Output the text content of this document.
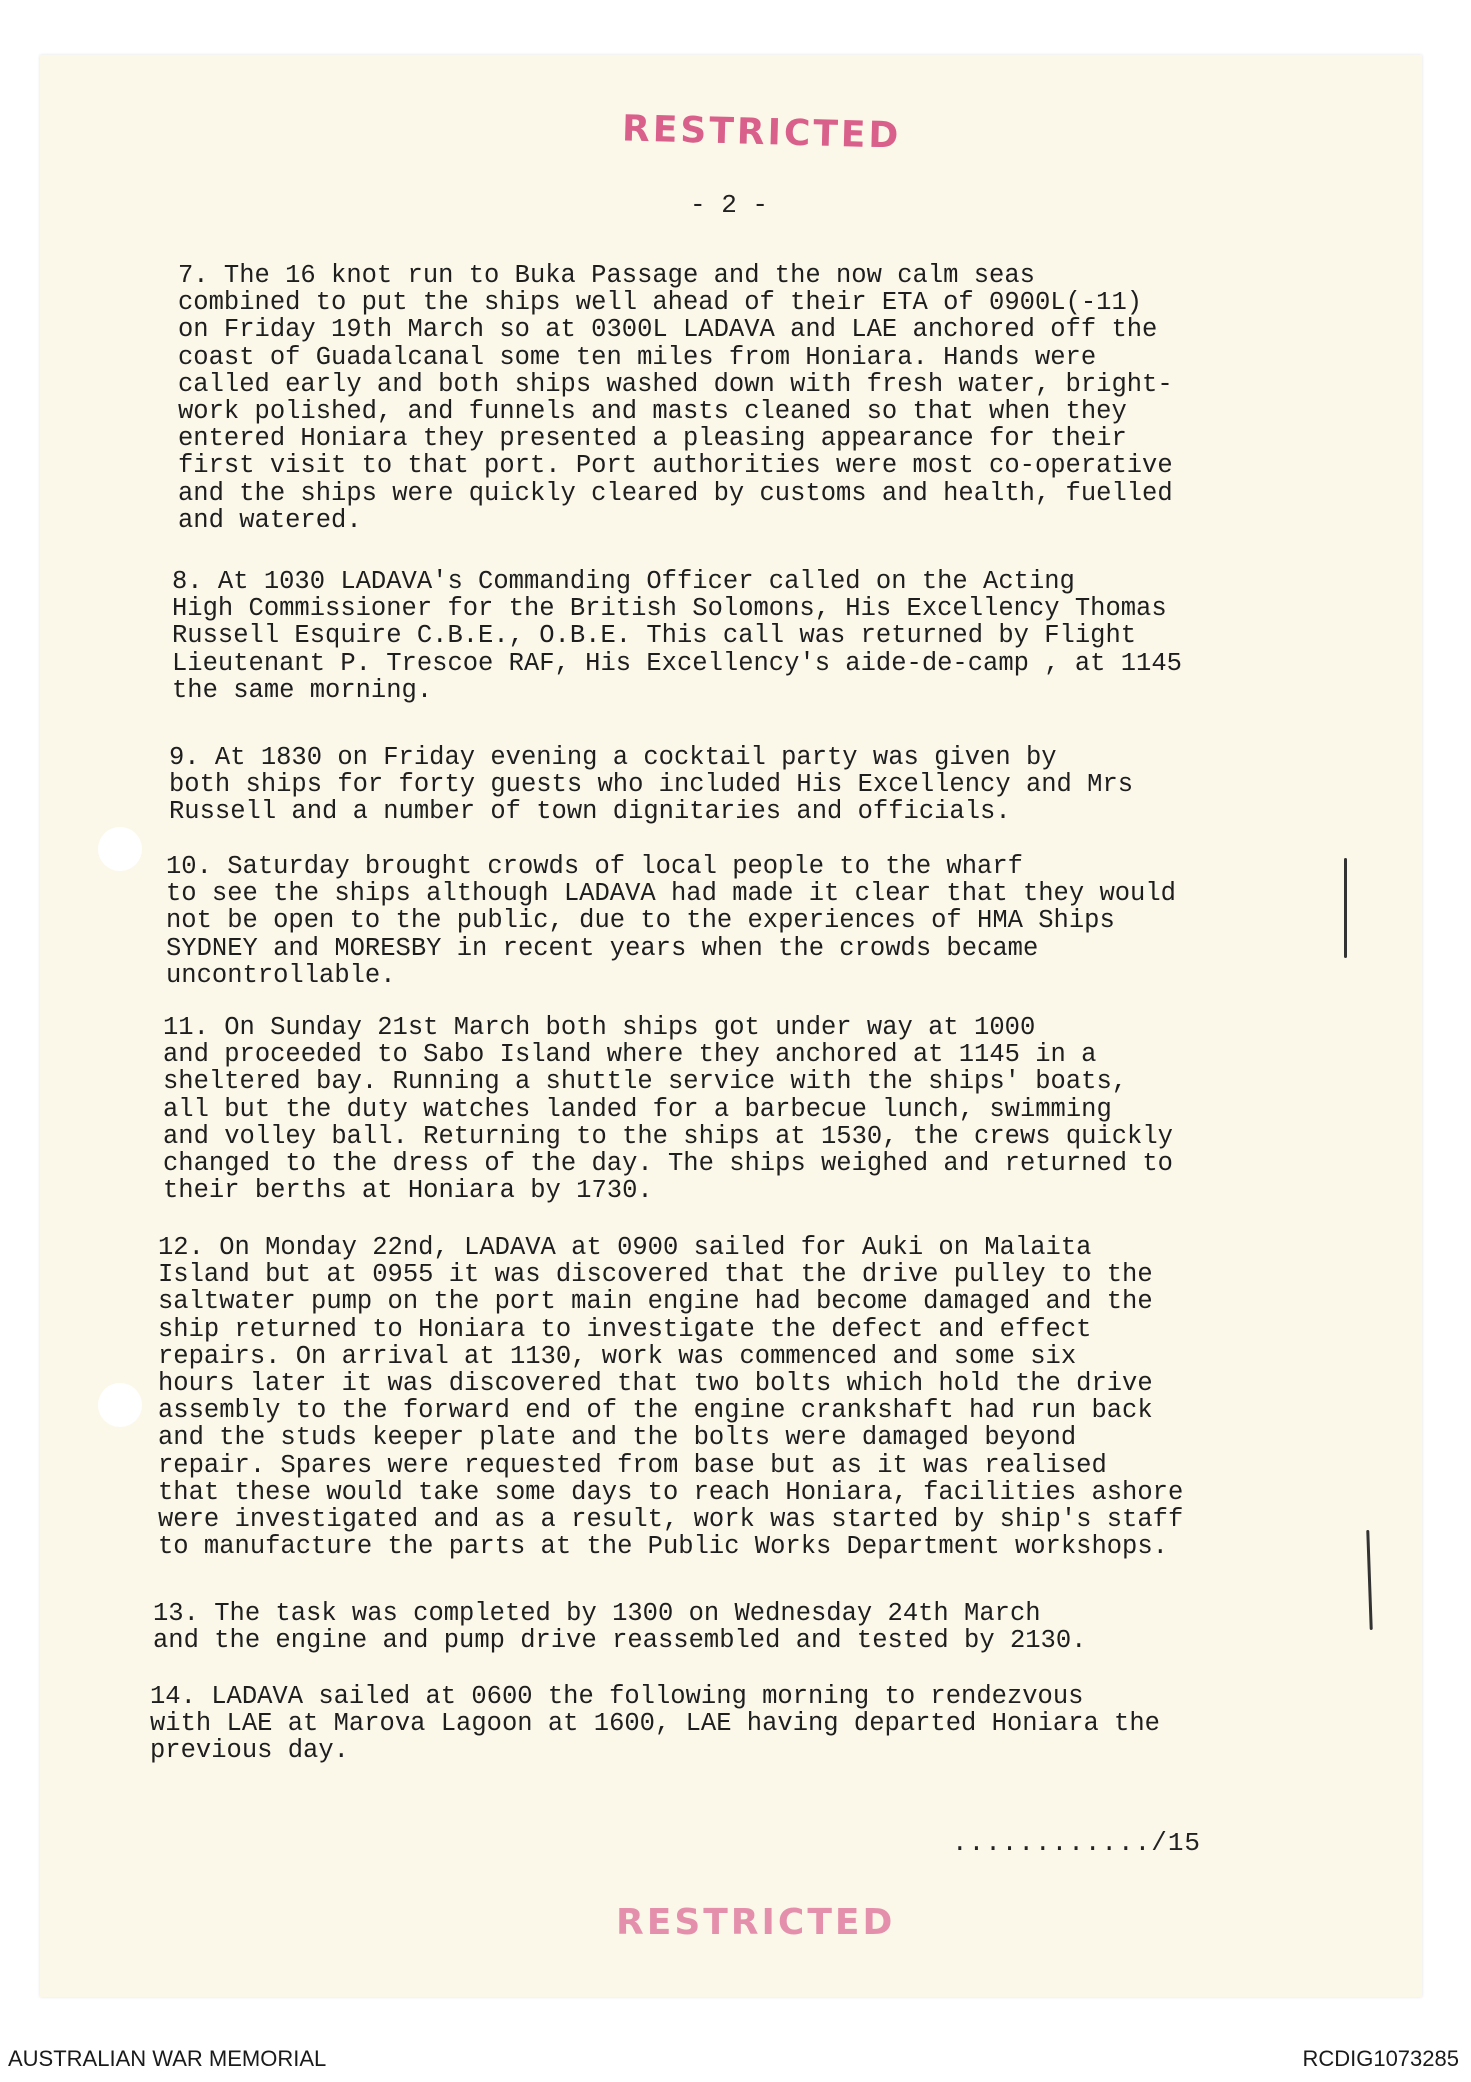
RESTRICTED
- 2 -

7. The 16 knot run to Buka Passage and the now calm seas
combined to put the ships well ahead of their ETA of 0900L(-11)
on Friday 19th March so at 0300L LADAVA and LAE anchored off the
coast of Guadalcanal some ten miles from Honiara. Hands were
called early and both ships washed down with fresh water, bright-
work polished, and funnels and masts cleaned so that when they
entered Honiara they presented a pleasing appearance for their
first visit to that port. Port authorities were most co-operative
and the ships were quickly cleared by customs and health, fuelled
and watered.

8. At 1030 LADAVA's Commanding Officer called on the Acting
High Commissioner for the British Solomons, His Excellency Thomas
Russell Esquire C.B.E., O.B.E. This call was returned by Flight
Lieutenant P. Trescoe RAF, His Excellency's aide-de-camp , at 1145
the same morning.

9. At 1830 on Friday evening a cocktail party was given by
both ships for forty guests who included His Excellency and Mrs
Russell and a number of town dignitaries and officials.

10. Saturday brought crowds of local people to the wharf
to see the ships although LADAVA had made it clear that they would
not be open to the public, due to the experiences of HMA Ships
SYDNEY and MORESBY in recent years when the crowds became
uncontrollable.

11. On Sunday 21st March both ships got under way at 1000
and proceeded to Sabo Island where they anchored at 1145 in a
sheltered bay. Running a shuttle service with the ships' boats,
all but the duty watches landed for a barbecue lunch, swimming
and volley ball. Returning to the ships at 1530, the crews quickly
changed to the dress of the day. The ships weighed and returned to
their berths at Honiara by 1730.

12. On Monday 22nd, LADAVA at 0900 sailed for Auki on Malaita
Island but at 0955 it was discovered that the drive pulley to the
saltwater pump on the port main engine had become damaged and the
ship returned to Honiara to investigate the defect and effect
repairs. On arrival at 1130, work was commenced and some six
hours later it was discovered that two bolts which hold the drive
assembly to the forward end of the engine crankshaft had run back
and the studs keeper plate and the bolts were damaged beyond
repair. Spares were requested from base but as it was realised
that these would take some days to reach Honiara, facilities ashore
were investigated and as a result, work was started by ship's staff
to manufacture the parts at the Public Works Department workshops.

13. The task was completed by 1300 on Wednesday 24th March
and the engine and pump drive reassembled and tested by 2130.

14. LADAVA sailed at 0600 the following morning to rendezvous
with LAE at Marova Lagoon at 1600, LAE having departed Honiara the
previous day.

............/15
RESTRICTED
AUSTRALIAN WAR MEMORIAL	RCDIG1073285
